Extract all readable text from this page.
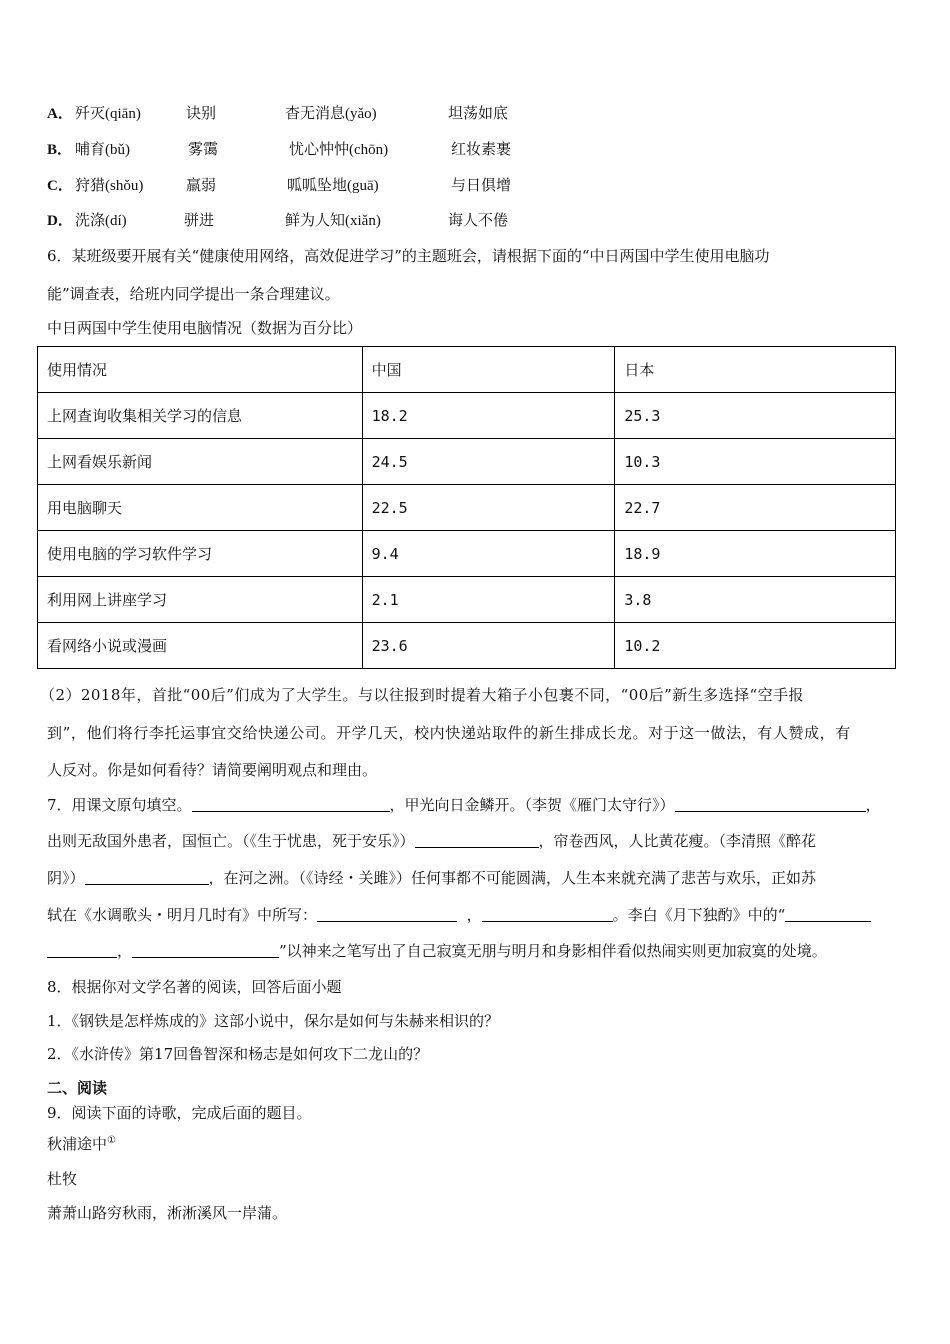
A． 歼灭(qiān)	诀别	杳无消息(yǎo)	坦荡如底
B． 哺育(bǔ)	雾霭	忧心忡忡(chōn)	红妆素裹
C． 狩猎(shǒu)	羸弱	呱呱坠地(guā)	与日俱增
D． 洗涤(dí)	骈进	鲜为人知(xiǎn)	诲人不倦
6．某班级要开展有关“健康使用网络，高效促进学习”的主题班会，请根据下面的“中日两国中学生使用电脑功
能”调查表，给班内同学提出一条合理建议。
中日两国中学生使用电脑情况（数据为百分比）
使用情况	中国	日本
上网查询收集相关学习的信息	18.2	25.3
上网看娱乐新闻	24.5	10.3
用电脑聊天	22.5	22.7
使用电脑的学习软件学习	9.4	18.9
利用网上讲座学习	2.1	3.8
看网络小说或漫画	23.6	10.2
（2）2018年，首批“00后”们成为了大学生。与以往报到时提着大箱子小包裹不同，“00后”新生多选择“空手报
到”，他们将行李托运事宜交给快递公司。开学几天，校内快递站取件的新生排成长龙。对于这一做法，有人赞成，有
人反对。你是如何看待？请简要阐明观点和理由。
7．用课文原句填空。	，甲光向日金鳞开。（李贺《雁门太守行》）	，
出则无敌国外患者，国恒亡。（《生于忧患，死于安乐》）	，帘卷西风，人比黄花瘦。（李清照《醉花
阴》）	，在河之洲。（《诗经・关雎》）任何事都不可能圆满，人生本来就充满了悲苦与欢乐，正如苏
轼在《水调歌头・明月几时有》中所写：	，	。李白《月下独酌》中的“
，	”以神来之笔写出了自己寂寞无朋与明月和身影相伴看似热闹实则更加寂寞的处境。
8．根据你对文学名著的阅读，回答后面小题
1．《钢铁是怎样炼成的》这部小说中，保尔是如何与朱赫来相识的？
2．《水浒传》第17回鲁智深和杨志是如何攻下二龙山的？
二、阅读
9．阅读下面的诗歌，完成后面的题目。
秋浦途中①
杜牧
萧萧山路穷秋雨，淅淅溪风一岸蒲。
